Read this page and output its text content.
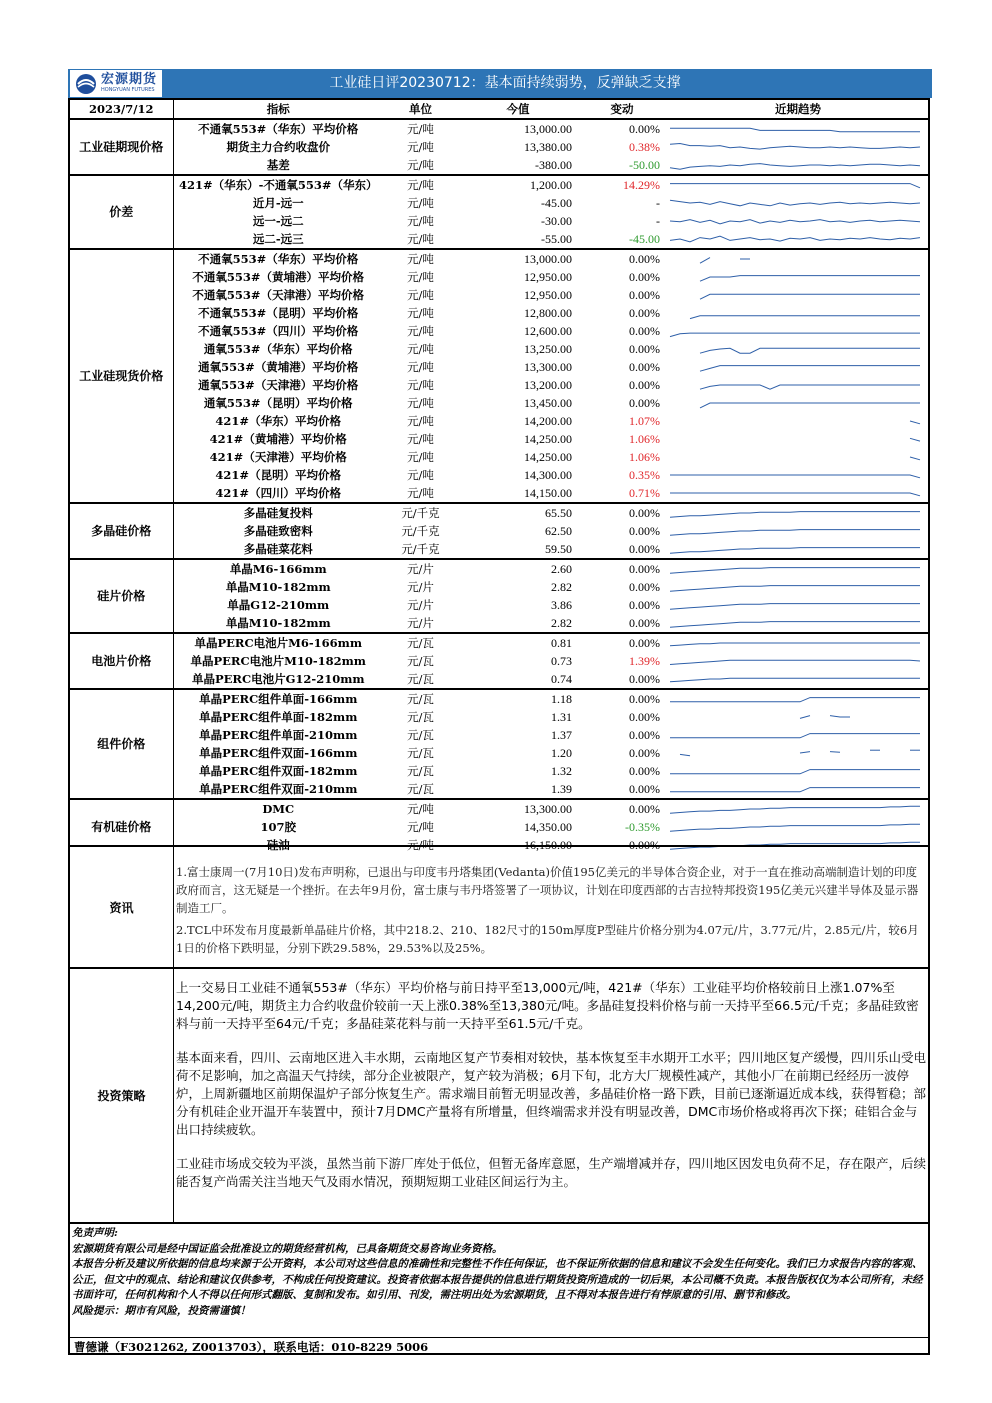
宏源期货
HONGYUAN FUTURES	工业硅日评20230712：基本面持续弱势，反弹缺乏支撑
2023/7/12	指标	单位	今值	变动	近期趋势
工业硅期现价格	不通氧553#（华东）平均价格	元/吨	13,000.00	0.00%	

	期货主力合约收盘价	元/吨	13,380.00	0.38%	

	基差	元/吨	-380.00	-50.00	

价差	421#（华东）-不通氧553#（华东）	元/吨	1,200.00	14.29%	

	近月-远一	元/吨	-45.00	-	

	远一-远二	元/吨	-30.00	-	

	远二-远三	元/吨	-55.00	-45.00	

工业硅现货价格	不通氧553#（华东）平均价格	元/吨	13,000.00	0.00%	

	不通氧553#（黄埔港）平均价格	元/吨	12,950.00	0.00%	

	不通氧553#（天津港）平均价格	元/吨	12,950.00	0.00%	

	不通氧553#（昆明）平均价格	元/吨	12,800.00	0.00%	

	不通氧553#（四川）平均价格	元/吨	12,600.00	0.00%	

	通氧553#（华东）平均价格	元/吨	13,250.00	0.00%	

	通氧553#（黄埔港）平均价格	元/吨	13,300.00	0.00%	

	通氧553#（天津港）平均价格	元/吨	13,200.00	0.00%	

	通氧553#（昆明）平均价格	元/吨	13,450.00	0.00%	

	421#（华东）平均价格	元/吨	14,200.00	1.07%	

	421#（黄埔港）平均价格	元/吨	14,250.00	1.06%	

	421#（天津港）平均价格	元/吨	14,250.00	1.06%	

	421#（昆明）平均价格	元/吨	14,300.00	0.35%	

	421#（四川）平均价格	元/吨	14,150.00	0.71%	

多晶硅价格	多晶硅复投料	元/千克	65.50	0.00%	

	多晶硅致密料	元/千克	62.50	0.00%	

	多晶硅菜花料	元/千克	59.50	0.00%	

硅片价格	单晶M6-166mm	元/片	2.60	0.00%	

	单晶M10-182mm	元/片	2.82	0.00%	

	单晶G12-210mm	元/片	3.86	0.00%	

	单晶M10-182mm	元/片	2.82	0.00%	

电池片价格	单晶PERC电池片M6-166mm	元/瓦	0.81	0.00%	

	单晶PERC电池片M10-182mm	元/瓦	0.73	1.39%	

	单晶PERC电池片G12-210mm	元/瓦	0.74	0.00%	

组件价格	单晶PERC组件单面-166mm	元/瓦	1.18	0.00%	

	单晶PERC组件单面-182mm	元/瓦	1.31	0.00%	

	单晶PERC组件单面-210mm	元/瓦	1.37	0.00%	

	单晶PERC组件双面-166mm	元/瓦	1.20	0.00%	

	单晶PERC组件双面-182mm	元/瓦	1.32	0.00%	

	单晶PERC组件双面-210mm	元/瓦	1.39	0.00%	

有机硅价格	DMC	元/吨	13,300.00	0.00%	

	107胶	元/吨	14,350.00	-0.35%	

	硅油	元/吨	16,150.00	0.00%	
资讯

1.富士康周一(7月10日)发布声明称，已退出与印度韦丹塔集团(Vedanta)价值195亿美元的半导体合资企业，对于一直在推动高端制造计划的印度政府而言，这无疑是一个挫折。在去年9月份，富士康与韦丹塔签署了一项协议，计划在印度西部的古吉拉特邦投资195亿美元兴建半导体及显示器制造工厂。

2.TCL中环发布月度最新单晶硅片价格，其中218.2、210、182尺寸的150m厚度P型硅片价格分别为4.07元/片，3.77元/片，2.85元/片，较6月1日的价格下跌明显，分别下跌29.58%，29.53%以及25%。

投资策略

上一交易日工业硅不通氧553#（华东）平均价格与前日持平至13,000元/吨，421#（华东）工业硅平均价格较前日上涨1.07%至14,200元/吨，期货主力合约收盘价较前一天上涨0.38%至13,380元/吨。多晶硅复投料价格与前一天持平至66.5元/千克；多晶硅致密料与前一天持平至64元/千克；多晶硅菜花料与前一天持平至61.5元/千克。

基本面来看，四川、云南地区进入丰水期，云南地区复产节奏相对较快，基本恢复至丰水期开工水平；四川地区复产缓慢，四川乐山受电荷不足影响，加之高温天气持续，部分企业被限产，复产较为消极；6月下旬，北方大厂规模性减产，其他小厂在前期已经经历一波停炉，上周新疆地区前期保温炉子部分恢复生产。需求端目前暂无明显改善，多晶硅价格一路下跌，目前已逐渐逼近成本线，获得暂稳；部分有机硅企业开温开车装置中，预计7月DMC产量将有所增量，但终端需求并没有明显改善，DMC市场价格或将再次下探；硅铝合金与出口持续疲软。

工业硅市场成交较为平淡，虽然当前下游厂库处于低位，但暂无备库意愿，生产端增减并存，四川地区因发电负荷不足，存在限产，后续能否复产尚需关注当地天气及雨水情况，预期短期工业硅区间运行为主。

免责声明:
宏源期货有限公司是经中国证监会批准设立的期货经营机构，已具备期货交易咨询业务资格。
本报告分析及建议所依据的信息均来源于公开资料，本公司对这些信息的准确性和完整性不作任何保证，也不保证所依据的信息和建议不会发生任何变化。我们已力求报告内容的客观、公正，但文中的观点、结论和建议仅供参考，不构成任何投资建议。投资者依据本报告提供的信息进行期货投资所造成的一切后果，本公司概不负责。本报告版权仅为本公司所有，未经书面许可，任何机构和个人不得以任何形式翻版、复制和发布。如引用、刊发，需注明出处为宏源期货，且不得对本报告进行有悖原意的引用、删节和修改。
风险提示：期市有风险，投资需谨慎！
曹德谦（F3021262, Z0013703），联系电话：010-8229 5006
